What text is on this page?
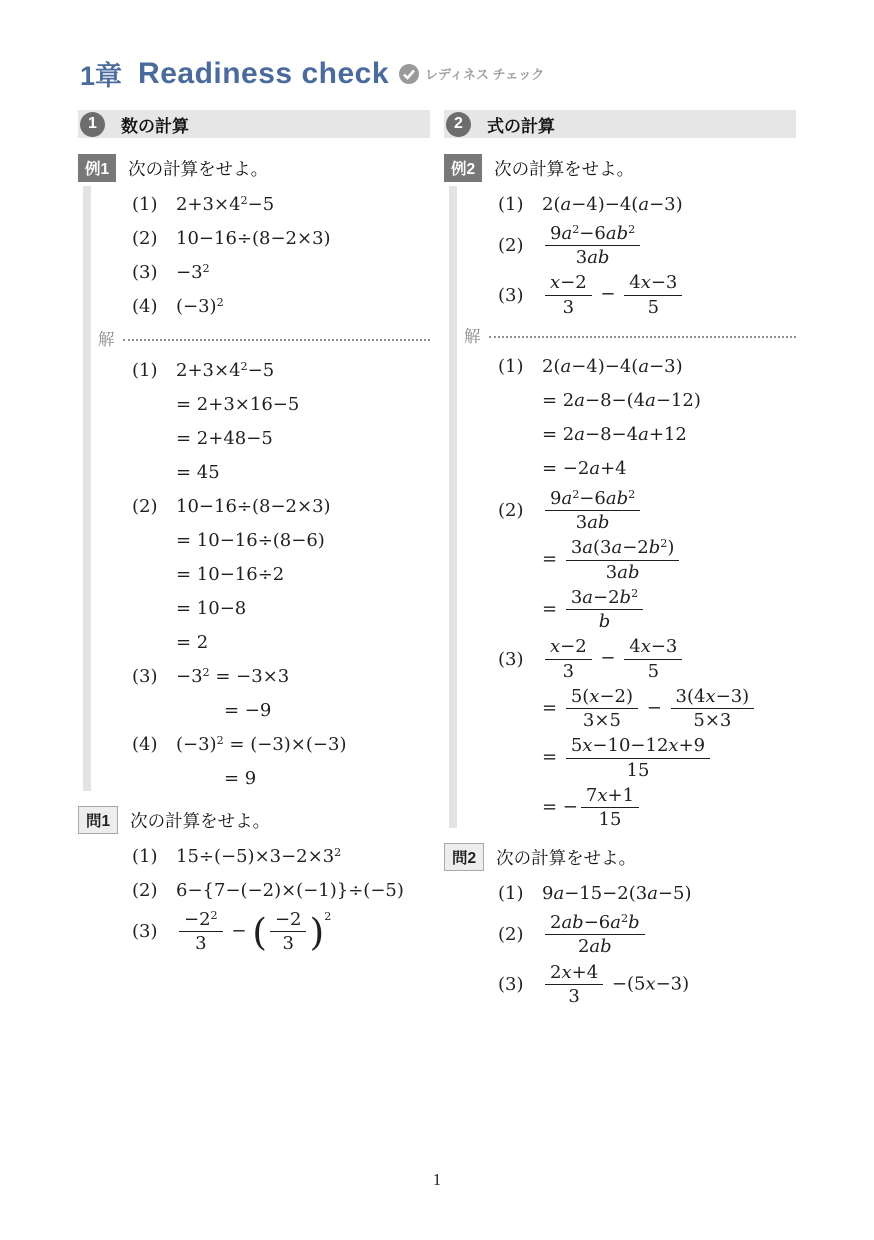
1章 Readiness check	レディネス チェック
1	数の計算
例1	次の計算をせよ。
(1)	$2+3\times 4^2-5$
(2)	10−16÷(8−2×3)
(3)	$-3^2$
(4)	$(-3)^2$
解
(1)	$2+3\times 4^2-5$
= 2+3×16−5
= 2+48−5
= 45
(2)	10−16÷(8−2×3)
= 10−16÷(8−6)
= 10−16÷2
= 10−8
= 2
(3)	$-3^2 = -3\times 3$
= −9
(4)	$(-3)^2 = (-3)\times(-3)$
= 9
問1	次の計算をせよ。
(1)	$15\div(-5)\times 3-2\times 3^2$
(2)	6−{7−(−2)×(−1)}÷(−5)
(3)	$\frac{-2^2}{3}$ − ( $\frac{-2}{3} )^2$
2	式の計算
例2	次の計算をせよ。
(1)	2(a−4)−4(a−3)
(2)	$\frac{9a^2-6ab^2}{3ab}$
(3)	$\frac{x-2}{3} - \frac{4x-3}{5}$
解
(1)	2(a−4)−4(a−3)
= 2a−8−(4a−12)
= 2a−8−4a+12
= −2a+4
(2)	$\frac{9a^2-6ab^2}{3ab}$
= $\frac{3a(3a-2b^2)}{3ab}$
= $\frac{3a-2b^2}{b}$
(3)	$\frac{x-2}{3} - \frac{4x-3}{5}$
= $\frac{5(x-2)}{3\times 5} - \frac{3(4x-3)}{5\times 3}$
= $\frac{5x-10-12x+9}{15}$
= − $\frac{7x+1}{15}$
問2	次の計算をせよ。
(1)	9a−15−2(3a−5)
(2)	$\frac{2ab-6a^2b}{2ab}$
(3)	$\frac{2x+4}{3} -(5x-3)$
1
